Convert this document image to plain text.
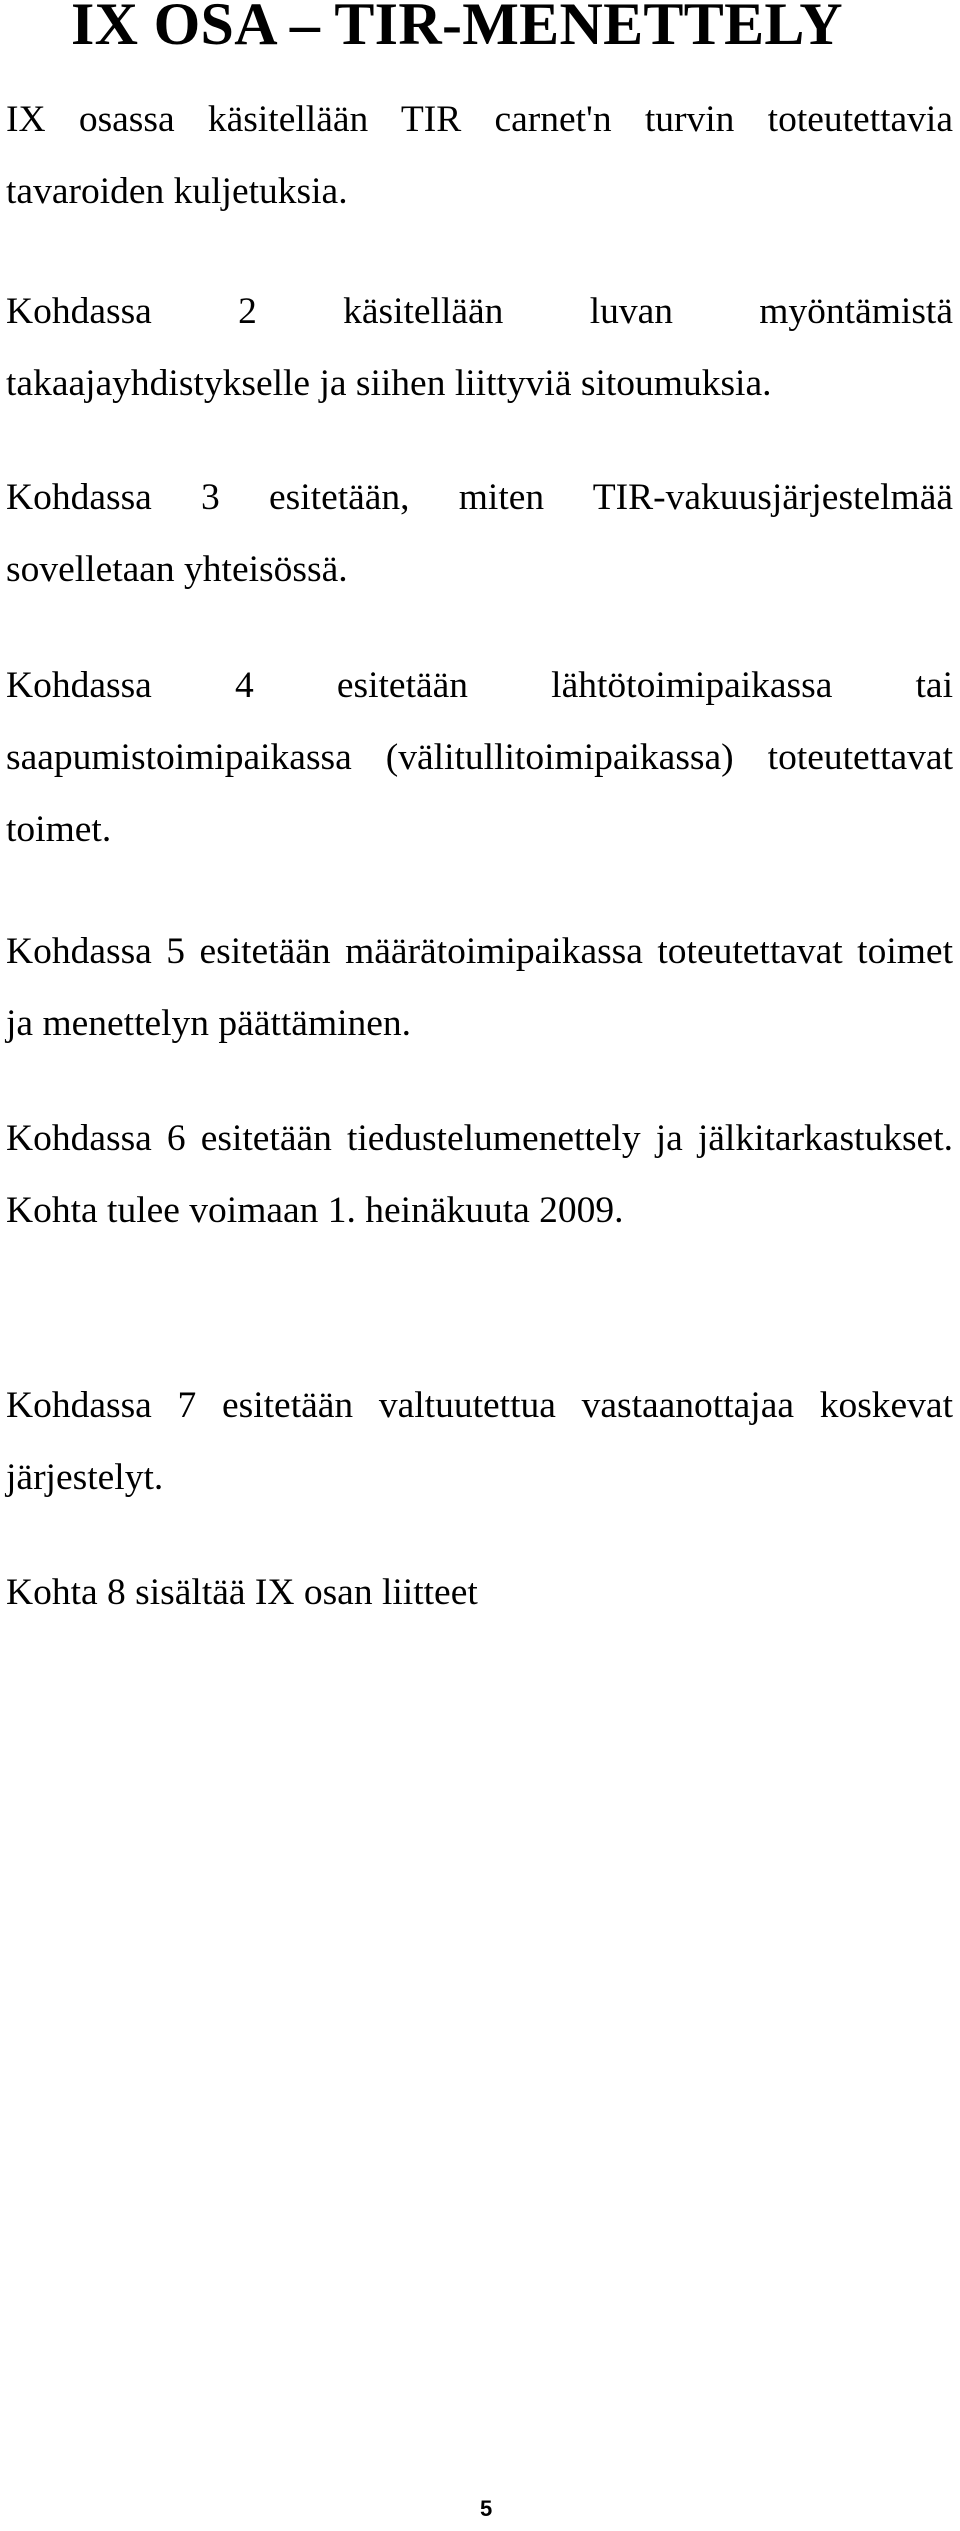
IX OSA – TIR-MENETTELY

IX osassa käsitellään TIR carnet'n turvin toteutettavia tavaroiden kuljetuksia.

Kohdassa 2 käsitellään luvan myöntämistä takaajayhdistykselle ja siihen liittyviä sitoumuksia.

Kohdassa 3 esitetään, miten TIR-vakuusjärjestelmää sovelletaan yhteisössä.

Kohdassa 4 esitetään lähtötoimipaikassa tai saapumistoimipaikassa (välitullitoimipaikassa) toteutettavat toimet.

Kohdassa 5 esitetään määrätoimipaikassa toteutettavat toimet ja menettelyn päättäminen.

Kohdassa 6 esitetään tiedustelumenettely ja jälkitarkastukset. Kohta tulee voimaan 1. heinäkuuta 2009.

Kohdassa 7 esitetään valtuutettua vastaanottajaa koskevat järjestelyt.

Kohta 8 sisältää IX osan liitteet

5
